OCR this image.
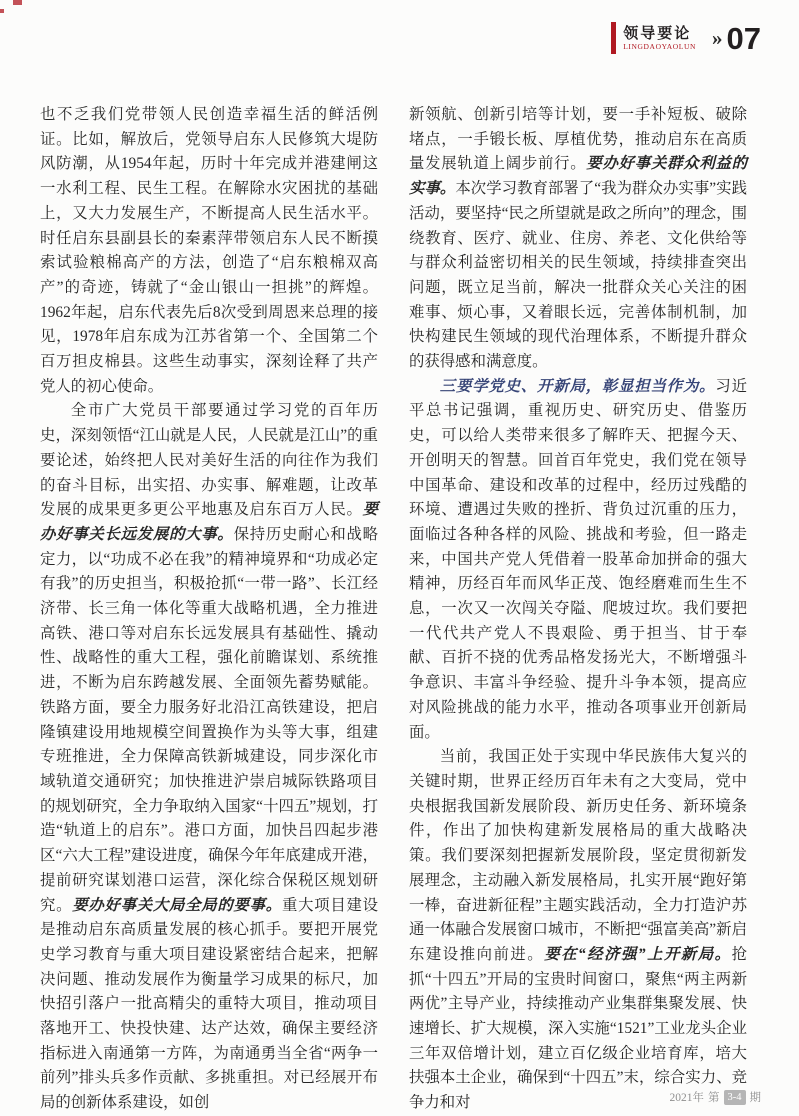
领导要论
LINGDAOYAOLUN » 07

也不乏我们党带领人民创造幸福生活的鲜活例证。比如，解放后，党领导启东人民修筑大堤防风防潮，从1954年起，历时十年完成并港建闸这一水利工程、民生工程。在解除水灾困扰的基础上，又大力发展生产，不断提高人民生活水平。时任启东县副县长的秦素萍带领启东人民不断摸索试验粮棉高产的方法，创造了“启东粮棉双高产”的奇迹，铸就了“金山银山一担挑”的辉煌。1962年起，启东代表先后8次受到周恩来总理的接见，1978年启东成为江苏省第一个、全国第二个百万担皮棉县。这些生动事实，深刻诠释了共产党人的初心使命。

全市广大党员干部要通过学习党的百年历史，深刻领悟“江山就是人民，人民就是江山”的重要论述，始终把人民对美好生活的向往作为我们的奋斗目标，出实招、办实事、解难题，让改革发展的成果更多更公平地惠及启东百万人民。要办好事关长远发展的大事。保持历史耐心和战略定力，以“功成不必在我”的精神境界和“功成必定有我”的历史担当，积极抢抓“一带一路”、长江经济带、长三角一体化等重大战略机遇，全力推进高铁、港口等对启东长远发展具有基础性、撬动性、战略性的重大工程，强化前瞻谋划、系统推进，不断为启东跨越发展、全面领先蓄势赋能。铁路方面，要全力服务好北沿江高铁建设，把启隆镇建设用地规模空间置换作为头等大事，组建专班推进，全力保障高铁新城建设，同步深化市域轨道交通研究；加快推进沪崇启城际铁路项目的规划研究，全力争取纳入国家“十四五”规划，打造“轨道上的启东”。港口方面，加快吕四起步港区“六大工程”建设进度，确保今年年底建成开港，提前研究谋划港口运营，深化综合保税区规划研究。要办好事关大局全局的要事。重大项目建设是推动启东高质量发展的核心抓手。要把开展党史学习教育与重大项目建设紧密结合起来，把解决问题、推动发展作为衡量学习成果的标尺，加快招引落户一批高精尖的重特大项目，推动项目落地开工、快投快建、达产达效，确保主要经济指标进入南通第一方阵，为南通勇当全省“两争一前列”排头兵多作贡献、多挑重担。对已经展开布局的创新体系建设，如创

新领航、创新引培等计划，要一手补短板、破除堵点，一手锻长板、厚植优势，推动启东在高质量发展轨道上阔步前行。要办好事关群众利益的实事。本次学习教育部署了“我为群众办实事”实践活动，要坚持“民之所望就是政之所向”的理念，围绕教育、医疗、就业、住房、养老、文化供给等与群众利益密切相关的民生领域，持续排查突出问题，既立足当前，解决一批群众关心关注的困难事、烦心事，又着眼长远，完善体制机制，加快构建民生领域的现代治理体系，不断提升群众的获得感和满意度。

三要学党史、开新局，彰显担当作为。习近平总书记强调，重视历史、研究历史、借鉴历史，可以给人类带来很多了解昨天、把握今天、开创明天的智慧。回首百年党史，我们党在领导中国革命、建设和改革的过程中，经历过残酷的环境、遭遇过失败的挫折、背负过沉重的压力，面临过各种各样的风险、挑战和考验，但一路走来，中国共产党人凭借着一股革命加拼命的强大精神，历经百年而风华正茂、饱经磨难而生生不息，一次又一次闯关夺隘、爬坡过坎。我们要把一代代共产党人不畏艰险、勇于担当、甘于奉献、百折不挠的优秀品格发扬光大，不断增强斗争意识、丰富斗争经验、提升斗争本领，提高应对风险挑战的能力水平，推动各项事业开创新局面。

当前，我国正处于实现中华民族伟大复兴的关键时期，世界正经历百年未有之大变局，党中央根据我国新发展阶段、新历史任务、新环境条件，作出了加快构建新发展格局的重大战略决策。我们要深刻把握新发展阶段，坚定贯彻新发展理念，主动融入新发展格局，扎实开展“跑好第一棒，奋进新征程”主题实践活动，全力打造沪苏通一体融合发展窗口城市，不断把“强富美高”新启东建设推向前进。要在“经济强”上开新局。抢抓“十四五”开局的宝贵时间窗口，聚焦“两主两新两优”主导产业，持续推动产业集群集聚发展、快速增长、扩大规模，深入实施“1521”工业龙头企业三年双倍增计划，建立百亿级企业培育库，培大扶强本土企业，确保到“十四五”末，综合实力、竞争力和对	2021年 第 3-4 期
